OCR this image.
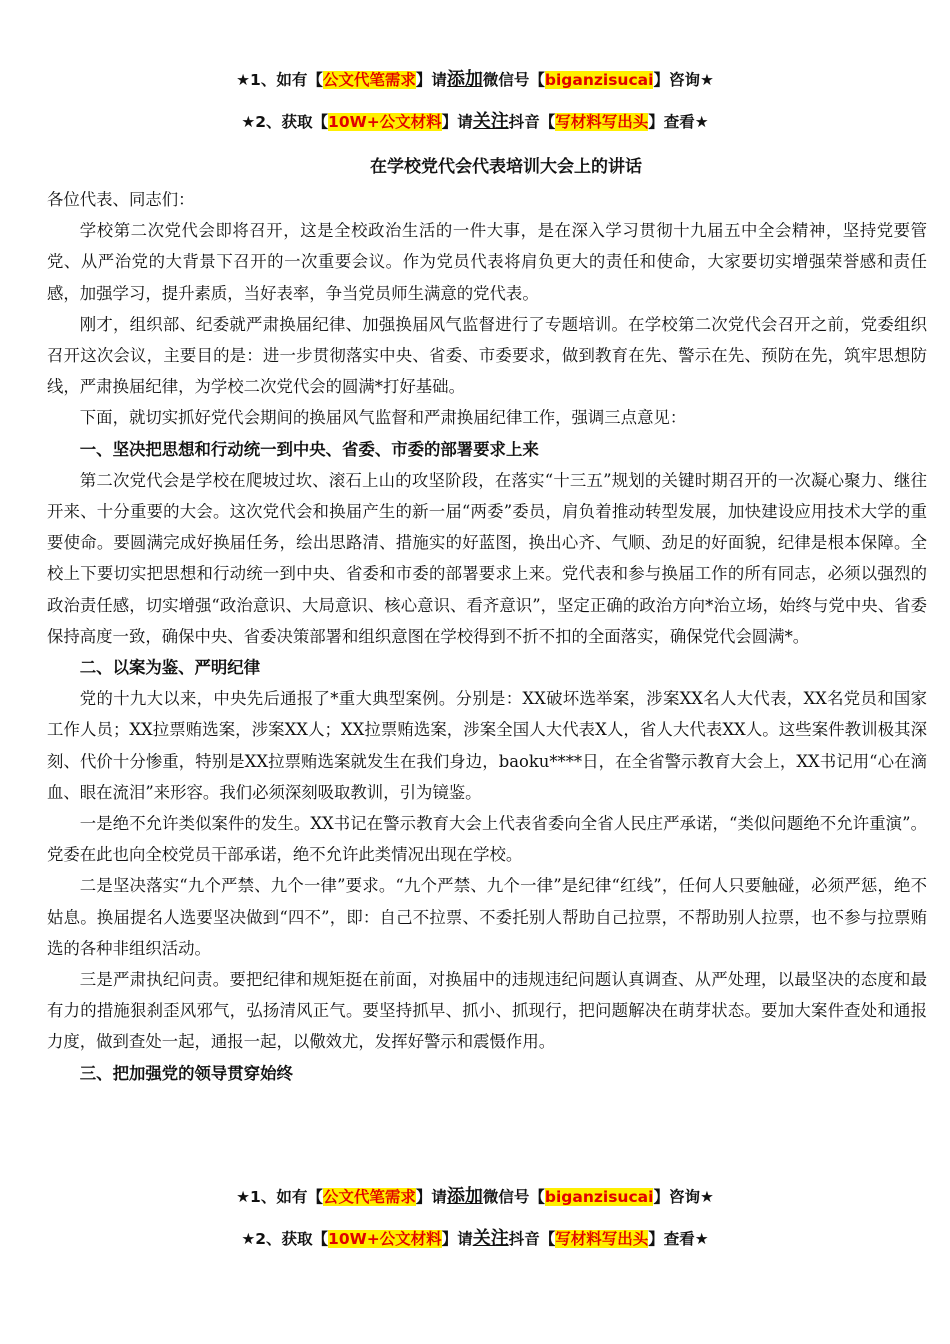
★1、如有【公文代笔需求】请添加微信号【biganzisucai】咨询★
★2、获取【10W+公文材料】请关注抖音【写材料写出头】查看★
在学校党代会代表培训大会上的讲话

各位代表、同志们：

学校第二次党代会即将召开，这是全校政治生活的一件大事，是在深入学习贯彻十九届五中全会精神，坚持党要管党、从严治党的大背景下召开的一次重要会议。作为党员代表将肩负更大的责任和使命，大家要切实增强荣誉感和责任感，加强学习，提升素质，当好表率，争当党员师生满意的党代表。

刚才，组织部、纪委就严肃换届纪律、加强换届风气监督进行了专题培训。在学校第二次党代会召开之前，党委组织召开这次会议，主要目的是：进一步贯彻落实中央、省委、市委要求，做到教育在先、警示在先、预防在先，筑牢思想防线，严肃换届纪律，为学校二次党代会的圆满*打好基础。

下面，就切实抓好党代会期间的换届风气监督和严肃换届纪律工作，强调三点意见：

一、坚决把思想和行动统一到中央、省委、市委的部署要求上来

第二次党代会是学校在爬坡过坎、滚石上山的攻坚阶段，在落实“十三五”规划的关键时期召开的一次凝心聚力、继往开来、十分重要的大会。这次党代会和换届产生的新一届“两委”委员，肩负着推动转型发展，加快建设应用技术大学的重要使命。要圆满完成好换届任务，绘出思路清、措施实的好蓝图，换出心齐、气顺、劲足的好面貌，纪律是根本保障。全校上下要切实把思想和行动统一到中央、省委和市委的部署要求上来。党代表和参与换届工作的所有同志，必须以强烈的政治责任感，切实增强“政治意识、大局意识、核心意识、看齐意识”，坚定正确的政治方向*治立场，始终与党中央、省委保持高度一致，确保中央、省委决策部署和组织意图在学校得到不折不扣的全面落实，确保党代会圆满*。

二、以案为鉴、严明纪律

党的十九大以来，中央先后通报了*重大典型案例。分别是：XX破坏选举案，涉案XX名人大代表，XX名党员和国家工作人员；XX拉票贿选案，涉案XX人；XX拉票贿选案，涉案全国人大代表X人，省人大代表XX人。这些案件教训极其深刻、代价十分惨重，特别是XX拉票贿选案就发生在我们身边，baoku****日，在全省警示教育大会上，XX书记用“心在滴血、眼在流泪”来形容。我们必须深刻吸取教训，引为镜鉴。

一是绝不允许类似案件的发生。XX书记在警示教育大会上代表省委向全省人民庄严承诺，“类似问题绝不允许重演”。党委在此也向全校党员干部承诺，绝不允许此类情况出现在学校。

二是坚决落实“九个严禁、九个一律”要求。“九个严禁、九个一律”是纪律“红线”，任何人只要触碰，必须严惩，绝不姑息。换届提名人选要坚决做到“四不”，即：自己不拉票、不委托别人帮助自己拉票，不帮助别人拉票，也不参与拉票贿选的各种非组织活动。

三是严肃执纪问责。要把纪律和规矩挺在前面，对换届中的违规违纪问题认真调查、从严处理，以最坚决的态度和最有力的措施狠刹歪风邪气，弘扬清风正气。要坚持抓早、抓小、抓现行，把问题解决在萌芽状态。要加大案件查处和通报力度，做到查处一起，通报一起，以儆效尤，发挥好警示和震慑作用。

三、把加强党的领导贯穿始终

★1、如有【公文代笔需求】请添加微信号【biganzisucai】咨询★
★2、获取【10W+公文材料】请关注抖音【写材料写出头】查看★
